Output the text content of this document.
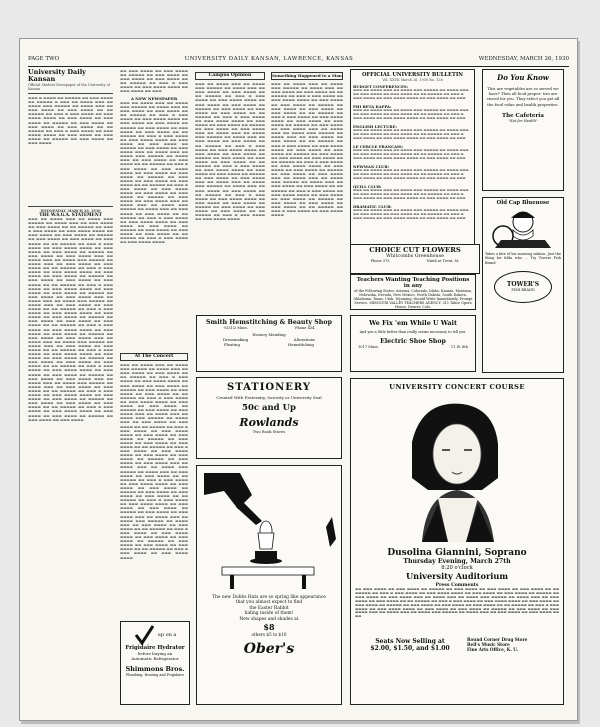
PAGE TWO	UNIVERSITY DAILY KANSAN, LAWRENCE, KANSAS	WEDNESDAY, MARCH 26, 1930
University Daily Kansan
Official Student Newspaper of the University of Kansas
▬▬▬ ▬ ▬▬▬▬ ▬▬ ▬▬▬▬▬ ▬▬ ▬▬▬ ▬▬▬▬ ▬▬ ▬▬▬▬▬ ▬ ▬▬▬ ▬▬ ▬▬▬▬ ▬▬▬ ▬▬ ▬▬▬▬ ▬▬▬ ▬▬▬▬▬ ▬▬ ▬▬▬▬ ▬▬▬ ▬▬ ▬▬▬ ▬▬▬▬ ▬▬ ▬▬▬ ▬▬▬▬ ▬▬ ▬▬ ▬▬▬▬▬ ▬▬ ▬▬▬ ▬ ▬▬▬ ▬▬▬▬ ▬▬ ▬▬▬ ▬▬▬▬ ▬▬▬▬ ▬▬ ▬▬▬ ▬▬▬▬ ▬▬ ▬▬▬ ▬▬▬▬ ▬▬ ▬▬▬▬▬ ▬▬ ▬▬▬ ▬▬▬▬ ▬▬ ▬▬▬ ▬▬▬▬ ▬▬ ▬▬▬ ▬▬▬▬ ▬▬ ▬▬ ▬▬▬▬▬ ▬▬ ▬▬▬ ▬ ▬▬▬ ▬▬▬▬ ▬▬ ▬▬▬ ▬▬▬▬ ▬▬▬▬ ▬▬ ▬▬▬ ▬▬▬▬ ▬▬ ▬▬▬ ▬▬▬▬ ▬▬ ▬▬▬▬▬ ▬▬ ▬▬▬ ▬▬▬▬ ▬▬ ▬▬▬ ▬▬▬▬
WEDNESDAY, MARCH 26, 1930
THE W.S.G.A. STATEMENT
▬▬▬ ▬▬ ▬▬▬▬ ▬▬▬ ▬▬ ▬▬▬▬ ▬▬▬ ▬▬▬▬▬ ▬▬ ▬▬▬▬ ▬▬▬ ▬▬ ▬▬▬ ▬▬▬▬ ▬▬ ▬▬▬ ▬▬▬▬ ▬▬ ▬▬ ▬▬▬▬▬ ▬▬ ▬▬▬ ▬ ▬▬▬ ▬▬▬▬ ▬▬ ▬▬▬ ▬▬▬▬ ▬▬▬▬ ▬▬ ▬▬▬ ▬▬▬▬ ▬▬ ▬▬▬ ▬▬▬▬ ▬▬ ▬▬▬▬▬ ▬▬ ▬▬▬ ▬▬▬▬ ▬▬ ▬▬▬ ▬▬▬▬ ▬▬ ▬▬▬ ▬▬▬▬ ▬▬ ▬▬ ▬▬▬▬▬ ▬▬ ▬▬▬ ▬ ▬▬▬ ▬▬▬▬ ▬▬ ▬▬▬ ▬▬▬▬ ▬▬▬▬ ▬▬ ▬▬▬ ▬▬▬▬ ▬▬ ▬▬▬ ▬▬▬▬ ▬▬ ▬▬▬▬▬ ▬▬ ▬▬▬ ▬▬▬▬ ▬▬ ▬▬▬ ▬▬▬▬ ▬▬▬ ▬▬ ▬▬▬▬ ▬▬▬ ▬▬ ▬▬▬▬ ▬▬▬ ▬▬▬▬▬ ▬▬ ▬▬▬▬ ▬▬▬ ▬▬ ▬▬▬ ▬▬▬▬ ▬▬ ▬▬▬ ▬▬▬▬ ▬▬ ▬▬ ▬▬▬▬▬ ▬▬ ▬▬▬ ▬ ▬▬▬ ▬▬▬▬ ▬▬ ▬▬▬ ▬▬▬▬ ▬▬▬▬ ▬▬ ▬▬▬ ▬▬▬▬ ▬▬ ▬▬▬ ▬▬▬▬ ▬▬ ▬▬▬▬▬ ▬▬ ▬▬▬ ▬▬▬▬ ▬▬ ▬▬▬ ▬▬▬▬ ▬▬ ▬▬▬ ▬▬▬▬ ▬▬ ▬▬ ▬▬▬▬▬ ▬▬ ▬▬▬ ▬ ▬▬▬ ▬▬▬▬ ▬▬ ▬▬▬ ▬▬▬▬ ▬▬▬▬ ▬▬ ▬▬▬ ▬▬▬▬ ▬▬ ▬▬▬ ▬▬▬▬ ▬▬ ▬▬▬▬▬ ▬▬ ▬▬▬ ▬▬▬▬ ▬▬ ▬▬▬ ▬▬▬▬ ▬▬▬ ▬▬ ▬▬▬▬ ▬▬▬ ▬▬ ▬▬▬▬ ▬▬▬ ▬▬▬▬▬ ▬▬ ▬▬▬▬ ▬▬▬ ▬▬ ▬▬▬ ▬▬▬▬ ▬▬ ▬▬▬ ▬▬▬▬ ▬▬ ▬▬ ▬▬▬▬▬ ▬▬ ▬▬▬ ▬ ▬▬▬ ▬▬▬▬ ▬▬ ▬▬▬ ▬▬▬▬ ▬▬▬▬ ▬▬ ▬▬▬ ▬▬▬▬ ▬▬ ▬▬▬ ▬▬▬▬ ▬▬ ▬▬▬▬▬ ▬▬ ▬▬▬ ▬▬▬▬ ▬▬ ▬▬▬ ▬▬▬▬ ▬▬ ▬▬▬ ▬▬▬▬ ▬▬ ▬▬ ▬▬▬▬▬ ▬▬ ▬▬▬ ▬ ▬▬▬ ▬▬▬▬ ▬▬ ▬▬▬ ▬▬▬▬ ▬▬▬▬ ▬▬ ▬▬▬ ▬▬▬▬ ▬▬ ▬▬▬ ▬▬▬▬ ▬▬ ▬▬▬▬▬ ▬▬ ▬▬▬ ▬▬▬▬ ▬▬ ▬▬▬ ▬▬▬▬ ▬▬▬ ▬▬ ▬▬▬▬ ▬▬▬ ▬▬ ▬▬▬▬ ▬▬▬ ▬▬▬▬▬ ▬▬ ▬▬▬▬ ▬▬▬ ▬▬ ▬▬▬ ▬▬▬▬ ▬▬ ▬▬▬ ▬▬▬▬ ▬▬ ▬▬ ▬▬▬▬▬ ▬▬ ▬▬▬ ▬ ▬▬▬ ▬▬▬▬ ▬▬ ▬▬▬ ▬▬▬▬ ▬▬▬▬ ▬▬ ▬▬▬ ▬▬▬▬ ▬▬ ▬▬▬ ▬▬▬▬ ▬▬ ▬▬▬▬▬ ▬▬ ▬▬▬ ▬▬▬▬ ▬▬ ▬▬▬ ▬▬▬▬ ▬▬ ▬▬▬ ▬▬▬▬ ▬▬ ▬▬ ▬▬▬▬▬ ▬▬ ▬▬▬ ▬ ▬▬▬ ▬▬▬▬ ▬▬ ▬▬▬ ▬▬▬▬ ▬▬▬▬ ▬▬ ▬▬▬ ▬▬▬▬ ▬▬ ▬▬▬ ▬▬▬▬ ▬▬ ▬▬▬▬▬ ▬▬ ▬▬▬ ▬▬▬▬ ▬▬ ▬▬▬ ▬▬▬▬ ▬▬▬ ▬▬ ▬▬▬▬ ▬▬▬ ▬▬ ▬▬▬▬ ▬▬▬ ▬▬▬▬▬ ▬▬ ▬▬▬▬ ▬▬▬ ▬▬ ▬▬▬ ▬▬▬▬ ▬▬ ▬▬▬ ▬▬▬▬ ▬▬ ▬▬ ▬▬▬▬▬ ▬▬ ▬▬▬ ▬ ▬▬▬ ▬▬▬▬ ▬▬ ▬▬▬ ▬▬▬▬ ▬▬▬▬ ▬▬ ▬▬▬ ▬▬▬▬ ▬▬ ▬▬▬ ▬▬▬▬ ▬▬ ▬▬▬▬▬ ▬▬ ▬▬▬ ▬▬▬▬ ▬▬ ▬▬▬ ▬▬▬▬ ▬▬ ▬▬▬ ▬▬▬▬ ▬▬ ▬▬ ▬▬▬▬▬ ▬▬ ▬▬▬ ▬ ▬▬▬ ▬▬▬▬ ▬▬ ▬▬▬ ▬▬▬▬ ▬▬▬▬ ▬▬ ▬▬▬ ▬▬▬▬ ▬▬ ▬▬▬ ▬▬▬▬ ▬▬ ▬▬▬▬▬ ▬▬ ▬▬▬ ▬▬▬▬ ▬▬ ▬▬▬ ▬▬▬▬
▬▬ ▬▬▬ ▬▬▬▬ ▬▬ ▬▬▬ ▬▬▬▬ ▬▬ ▬▬▬▬▬ ▬▬ ▬▬▬ ▬▬▬▬ ▬▬ ▬▬▬ ▬▬▬▬ ▬▬ ▬▬▬ ▬▬▬▬ ▬▬ ▬▬ ▬▬▬▬▬ ▬▬ ▬▬▬ ▬ ▬▬▬ ▬▬▬▬ ▬▬ ▬▬▬ ▬▬▬▬ ▬▬▬▬ ▬▬ ▬▬▬ ▬▬▬▬ ▬▬ ▬▬▬
A NEW NEWSPAPER
▬▬▬ ▬▬ ▬▬▬▬ ▬▬▬ ▬▬ ▬▬▬▬ ▬▬▬ ▬▬▬▬▬ ▬▬ ▬▬▬▬ ▬▬▬ ▬▬ ▬▬▬ ▬▬▬▬ ▬▬ ▬▬▬ ▬▬▬▬ ▬▬ ▬▬ ▬▬▬▬▬ ▬▬ ▬▬▬ ▬ ▬▬▬ ▬▬▬▬ ▬▬ ▬▬▬ ▬▬▬▬ ▬▬▬▬ ▬▬ ▬▬▬ ▬▬▬▬ ▬▬ ▬▬▬ ▬▬▬▬ ▬▬ ▬▬▬▬▬ ▬▬ ▬▬▬ ▬▬▬▬ ▬▬ ▬▬▬ ▬▬▬▬ ▬▬ ▬▬▬ ▬▬▬▬ ▬▬ ▬▬ ▬▬▬▬▬ ▬▬ ▬▬▬ ▬ ▬▬▬ ▬▬▬▬ ▬▬ ▬▬▬ ▬▬▬▬ ▬▬▬▬ ▬▬ ▬▬▬ ▬▬▬▬ ▬▬ ▬▬▬ ▬▬▬▬ ▬▬ ▬▬▬▬▬ ▬▬ ▬▬▬ ▬▬▬▬ ▬▬ ▬▬▬ ▬▬▬▬ ▬▬▬ ▬▬ ▬▬▬▬ ▬▬▬ ▬▬ ▬▬▬▬ ▬▬▬ ▬▬▬▬▬ ▬▬ ▬▬▬▬ ▬▬▬ ▬▬ ▬▬▬ ▬▬▬▬ ▬▬ ▬▬▬ ▬▬▬▬ ▬▬ ▬▬ ▬▬▬▬▬ ▬▬ ▬▬▬ ▬ ▬▬▬ ▬▬▬▬ ▬▬ ▬▬▬ ▬▬▬▬ ▬▬▬▬ ▬▬ ▬▬▬ ▬▬▬▬ ▬▬ ▬▬▬ ▬▬▬▬ ▬▬ ▬▬▬▬▬ ▬▬ ▬▬▬ ▬▬▬▬ ▬▬ ▬▬▬ ▬▬▬▬ ▬▬ ▬▬▬ ▬▬▬▬ ▬▬ ▬▬ ▬▬▬▬▬ ▬▬ ▬▬▬ ▬ ▬▬▬ ▬▬▬▬ ▬▬ ▬▬▬ ▬▬▬▬ ▬▬▬▬ ▬▬ ▬▬▬ ▬▬▬▬ ▬▬ ▬▬▬ ▬▬▬▬ ▬▬ ▬▬▬▬▬ ▬▬ ▬▬▬ ▬▬▬▬ ▬▬ ▬▬▬ ▬▬▬▬ ▬▬▬ ▬▬ ▬▬▬▬ ▬▬▬ ▬▬ ▬▬▬▬ ▬▬▬ ▬▬▬▬▬ ▬▬ ▬▬▬▬ ▬▬▬ ▬▬ ▬▬▬ ▬▬▬▬ ▬▬ ▬▬▬ ▬▬▬▬ ▬▬ ▬▬ ▬▬▬▬▬ ▬▬ ▬▬▬ ▬ ▬▬▬ ▬▬▬▬ ▬▬ ▬▬▬ ▬▬▬▬ ▬▬▬▬ ▬▬ ▬▬▬ ▬▬▬▬ ▬▬ ▬▬▬ ▬▬▬▬ ▬▬ ▬▬▬▬▬ ▬▬ ▬▬▬ ▬▬▬▬ ▬▬ ▬▬▬ ▬▬▬▬ ▬▬ ▬▬▬ ▬▬▬▬ ▬▬ ▬▬ ▬▬▬▬▬ ▬▬ ▬▬▬ ▬ ▬▬▬ ▬▬▬▬ ▬▬ ▬▬▬ ▬▬▬▬ ▬▬▬▬
Campus Opinion
▬▬▬ ▬▬ ▬▬▬▬ ▬▬▬ ▬▬ ▬▬▬▬ ▬▬▬ ▬▬▬▬▬ ▬▬ ▬▬▬▬ ▬▬▬ ▬▬ ▬▬▬ ▬▬▬▬ ▬▬ ▬▬▬ ▬▬▬▬ ▬▬ ▬▬ ▬▬▬▬▬ ▬▬ ▬▬▬ ▬ ▬▬▬ ▬▬▬▬ ▬▬ ▬▬▬ ▬▬▬▬ ▬▬▬▬ ▬▬ ▬▬▬ ▬▬▬▬ ▬▬ ▬▬▬ ▬▬▬▬ ▬▬ ▬▬▬▬▬ ▬▬ ▬▬▬ ▬▬▬▬ ▬▬ ▬▬▬ ▬▬▬▬ ▬▬ ▬▬▬ ▬▬▬▬ ▬▬ ▬▬ ▬▬▬▬▬ ▬▬ ▬▬▬ ▬ ▬▬▬ ▬▬▬▬ ▬▬ ▬▬▬ ▬▬▬▬ ▬▬▬▬ ▬▬ ▬▬▬ ▬▬▬▬ ▬▬ ▬▬▬ ▬▬▬▬ ▬▬ ▬▬▬▬▬ ▬▬ ▬▬▬ ▬▬▬▬ ▬▬ ▬▬▬ ▬▬▬▬ ▬▬▬ ▬▬ ▬▬▬▬ ▬▬▬ ▬▬ ▬▬▬▬ ▬▬▬ ▬▬▬▬▬ ▬▬ ▬▬▬▬ ▬▬▬ ▬▬ ▬▬▬ ▬▬▬▬ ▬▬ ▬▬▬ ▬▬▬▬ ▬▬ ▬▬ ▬▬▬▬▬ ▬▬ ▬▬▬ ▬ ▬▬▬ ▬▬▬▬ ▬▬ ▬▬▬ ▬▬▬▬ ▬▬▬▬ ▬▬ ▬▬▬ ▬▬▬▬ ▬▬ ▬▬▬ ▬▬▬▬ ▬▬ ▬▬▬▬▬ ▬▬ ▬▬▬ ▬▬▬▬ ▬▬ ▬▬▬ ▬▬▬▬ ▬▬ ▬▬▬ ▬▬▬▬ ▬▬ ▬▬ ▬▬▬▬▬ ▬▬ ▬▬▬ ▬ ▬▬▬ ▬▬▬▬ ▬▬ ▬▬▬ ▬▬▬▬ ▬▬▬▬ ▬▬ ▬▬▬ ▬▬▬▬ ▬▬ ▬▬▬ ▬▬▬▬ ▬▬ ▬▬▬▬▬ ▬▬ ▬▬▬ ▬▬▬▬ ▬▬ ▬▬▬ ▬▬▬▬ ▬▬▬ ▬▬ ▬▬▬▬ ▬▬▬ ▬▬ ▬▬▬▬ ▬▬▬ ▬▬▬▬▬ ▬▬ ▬▬▬▬ ▬▬▬ ▬▬ ▬▬▬ ▬▬▬▬ ▬▬ ▬▬▬ ▬▬▬▬ ▬▬ ▬▬ ▬▬▬▬▬ ▬▬ ▬▬▬ ▬ ▬▬▬ ▬▬▬▬ ▬▬ ▬▬▬ ▬▬▬▬ ▬▬▬▬ ▬▬ ▬▬▬ ▬▬▬▬ ▬▬ ▬▬▬ ▬▬▬▬ ▬▬ ▬▬▬▬▬ ▬▬ ▬▬▬ ▬▬▬▬ ▬▬ ▬▬▬ ▬▬▬▬ ▬▬ ▬▬▬ ▬▬▬▬ ▬▬ ▬▬ ▬▬▬▬▬ ▬▬ ▬▬▬ ▬ ▬▬▬ ▬▬▬▬ ▬▬ ▬▬▬ ▬▬▬▬ ▬▬▬▬
Something Happened to a Man
▬▬▬ ▬▬ ▬▬▬▬ ▬▬▬ ▬▬ ▬▬▬▬ ▬▬▬ ▬▬▬▬▬ ▬▬ ▬▬▬▬ ▬▬▬ ▬▬ ▬▬▬ ▬▬▬▬ ▬▬ ▬▬▬ ▬▬▬▬ ▬▬ ▬▬ ▬▬▬▬▬ ▬▬ ▬▬▬ ▬ ▬▬▬ ▬▬▬▬ ▬▬ ▬▬▬ ▬▬▬▬ ▬▬▬▬ ▬▬ ▬▬▬ ▬▬▬▬ ▬▬ ▬▬▬ ▬▬▬▬ ▬▬ ▬▬▬▬▬ ▬▬ ▬▬▬ ▬▬▬▬ ▬▬ ▬▬▬ ▬▬▬▬ ▬▬ ▬▬▬ ▬▬▬▬ ▬▬ ▬▬ ▬▬▬▬▬ ▬▬ ▬▬▬ ▬ ▬▬▬ ▬▬▬▬ ▬▬ ▬▬▬ ▬▬▬▬ ▬▬▬▬ ▬▬ ▬▬▬ ▬▬▬▬ ▬▬ ▬▬▬ ▬▬▬▬ ▬▬ ▬▬▬▬▬ ▬▬ ▬▬▬ ▬▬▬▬ ▬▬ ▬▬▬ ▬▬▬▬ ▬▬▬ ▬▬ ▬▬▬▬ ▬▬▬ ▬▬ ▬▬▬▬ ▬▬▬ ▬▬▬▬▬ ▬▬ ▬▬▬▬ ▬▬▬ ▬▬ ▬▬▬ ▬▬▬▬ ▬▬ ▬▬▬ ▬▬▬▬ ▬▬ ▬▬ ▬▬▬▬▬ ▬▬ ▬▬▬ ▬ ▬▬▬ ▬▬▬▬ ▬▬ ▬▬▬ ▬▬▬▬ ▬▬▬▬ ▬▬ ▬▬▬ ▬▬▬▬ ▬▬ ▬▬▬ ▬▬▬▬ ▬▬ ▬▬▬▬▬ ▬▬ ▬▬▬ ▬▬▬▬ ▬▬ ▬▬▬ ▬▬▬▬ ▬▬ ▬▬▬ ▬▬▬▬ ▬▬ ▬▬ ▬▬▬▬▬ ▬▬ ▬▬▬ ▬ ▬▬▬ ▬▬▬▬ ▬▬ ▬▬▬ ▬▬▬▬ ▬▬▬▬ ▬▬ ▬▬▬ ▬▬▬▬ ▬▬ ▬▬▬ ▬▬▬▬ ▬▬ ▬▬▬▬▬ ▬▬ ▬▬▬ ▬▬▬▬ ▬▬ ▬▬▬ ▬▬▬▬ ▬▬▬ ▬▬ ▬▬▬▬ ▬▬▬ ▬▬ ▬▬▬▬ ▬▬▬ ▬▬▬▬▬ ▬▬ ▬▬▬▬ ▬▬▬ ▬▬ ▬▬▬ ▬▬▬▬ ▬▬ ▬▬▬ ▬▬▬▬ ▬▬ ▬▬ ▬▬▬▬▬ ▬▬ ▬▬▬ ▬ ▬▬▬ ▬▬▬▬ ▬▬ ▬▬▬ ▬▬▬▬ ▬▬▬▬ ▬▬ ▬▬▬ ▬▬▬▬ ▬▬ ▬▬▬ ▬▬▬▬ ▬▬ ▬▬▬▬▬ ▬▬ ▬▬▬ ▬▬▬▬ ▬▬ ▬▬▬ ▬▬▬▬ ▬▬ ▬▬▬ ▬▬▬▬ ▬▬ ▬▬ ▬▬▬▬▬ ▬▬ ▬▬▬ ▬ ▬▬▬ ▬▬▬▬ ▬▬ ▬▬▬ ▬▬▬▬ ▬▬▬▬
OFFICIAL UNIVERSITY BULLETIN
Vol. XXVII March 26, 1930 No. 128
BUDGET CONFERENCES:
▬▬▬ ▬▬ ▬▬▬▬ ▬▬▬ ▬▬ ▬▬▬▬ ▬▬▬ ▬▬▬▬▬ ▬▬ ▬▬▬▬ ▬▬▬ ▬▬ ▬▬▬ ▬▬▬▬ ▬▬ ▬▬▬ ▬▬▬▬ ▬▬ ▬▬ ▬▬▬▬▬ ▬▬ ▬▬▬ ▬ ▬▬▬ ▬▬▬▬ ▬▬ ▬▬▬ ▬▬▬▬ ▬▬▬▬ ▬▬ ▬▬▬ ▬▬▬▬ ▬▬ ▬▬▬
PHI BETA KAPPA:
▬▬▬ ▬▬ ▬▬▬▬ ▬▬▬ ▬▬ ▬▬▬▬ ▬▬▬ ▬▬▬▬▬ ▬▬ ▬▬▬▬ ▬▬▬ ▬▬ ▬▬▬ ▬▬▬▬ ▬▬ ▬▬▬ ▬▬▬▬ ▬▬ ▬▬ ▬▬▬▬▬ ▬▬ ▬▬▬ ▬ ▬▬▬ ▬▬▬▬ ▬▬ ▬▬▬ ▬▬▬▬ ▬▬▬▬ ▬▬ ▬▬▬ ▬▬▬▬ ▬▬ ▬▬▬
ENGLISH LECTURE:
▬▬▬ ▬▬ ▬▬▬▬ ▬▬▬ ▬▬ ▬▬▬▬ ▬▬▬ ▬▬▬▬▬ ▬▬ ▬▬▬▬ ▬▬▬ ▬▬ ▬▬▬ ▬▬▬▬ ▬▬ ▬▬▬ ▬▬▬▬ ▬▬ ▬▬ ▬▬▬▬▬ ▬▬ ▬▬▬ ▬ ▬▬▬ ▬▬▬▬ ▬▬ ▬▬▬ ▬▬▬▬ ▬▬▬▬ ▬▬ ▬▬▬ ▬▬▬▬ ▬▬ ▬▬▬
LE CERCLE FRANCAIS:
▬▬▬ ▬▬ ▬▬▬▬ ▬▬▬ ▬▬ ▬▬▬▬ ▬▬▬ ▬▬▬▬▬ ▬▬ ▬▬▬▬ ▬▬▬ ▬▬ ▬▬▬ ▬▬▬▬ ▬▬ ▬▬▬ ▬▬▬▬ ▬▬ ▬▬ ▬▬▬▬▬ ▬▬ ▬▬▬ ▬ ▬▬▬ ▬▬▬▬ ▬▬ ▬▬▬ ▬▬▬▬ ▬▬▬▬ ▬▬ ▬▬▬ ▬▬▬▬ ▬▬ ▬▬▬
NEWMAN CLUB:
▬▬▬ ▬▬ ▬▬▬▬ ▬▬▬ ▬▬ ▬▬▬▬ ▬▬▬ ▬▬▬▬▬ ▬▬ ▬▬▬▬ ▬▬▬ ▬▬ ▬▬▬ ▬▬▬▬ ▬▬ ▬▬▬ ▬▬▬▬ ▬▬ ▬▬ ▬▬▬▬▬ ▬▬ ▬▬▬ ▬ ▬▬▬ ▬▬▬▬ ▬▬ ▬▬▬ ▬▬▬▬ ▬▬▬▬ ▬▬ ▬▬▬ ▬▬▬▬ ▬▬ ▬▬▬
QUILL CLUB:
▬▬▬ ▬▬ ▬▬▬▬ ▬▬▬ ▬▬ ▬▬▬▬ ▬▬▬ ▬▬▬▬▬ ▬▬ ▬▬▬▬ ▬▬▬ ▬▬ ▬▬▬ ▬▬▬▬ ▬▬ ▬▬▬ ▬▬▬▬ ▬▬ ▬▬ ▬▬▬▬▬ ▬▬ ▬▬▬ ▬ ▬▬▬ ▬▬▬▬ ▬▬ ▬▬▬ ▬▬▬▬ ▬▬▬▬ ▬▬ ▬▬▬ ▬▬▬▬ ▬▬ ▬▬▬
DRAMATIC CLUB:
▬▬▬ ▬▬ ▬▬▬▬ ▬▬▬ ▬▬ ▬▬▬▬ ▬▬▬ ▬▬▬▬▬ ▬▬ ▬▬▬▬ ▬▬▬ ▬▬ ▬▬▬ ▬▬▬▬ ▬▬ ▬▬▬ ▬▬▬▬ ▬▬ ▬▬ ▬▬▬▬▬ ▬▬ ▬▬▬ ▬ ▬▬▬ ▬▬▬▬ ▬▬ ▬▬▬ ▬▬▬▬ ▬▬▬▬ ▬▬ ▬▬▬ ▬▬▬▬ ▬▬ ▬▬▬
Do You Know
This are vegetables are so served we have? Then all food proper- ties are stored for you. They select you get all the food value and health properties.
The Cafeteria
"Eat for Health"
Old Cap Bluenose
Takes a bite of his morning salmon. Just the thing for folks who ... Try Towers Fish Brand
TOWER'S
FISH BRAND
CHOICE CUT FLOWERS
Whitcombs Greenhouse
Phone 375	Ninth at Trent, St.
Teachers Wanting Teaching Positions in any
of the Following States: Arizona, Colorado, Idaho, Kansas, Montana, Nebraska, Nevada, New Mexico, North Dakota, South Dakota, Oklahoma, Texas, Utah, Wyoming, should Write Immediately. Prompt Service. MISSOURI VALLEY TEACHERS AGENCY, 311 Tabor Opera House, Denver, Colo.
Smith Hemstitching & Beauty Shop
9331/2 Mass.	Phone 434
Hosiery Mending
Dressmaking	Alterations
Pleating	Hemstitching
We Fix 'em While U Wait
And you a little better than really seems necessary to tell you.
Electric Shoe Shop
1017 Mass.	11 W. 8th
At The Concert
▬▬▬ ▬▬ ▬▬▬▬ ▬▬▬ ▬▬ ▬▬▬▬ ▬▬▬ ▬▬▬▬▬ ▬▬ ▬▬▬▬ ▬▬▬ ▬▬ ▬▬▬ ▬▬▬▬ ▬▬ ▬▬▬ ▬▬▬▬ ▬▬ ▬▬ ▬▬▬▬▬ ▬▬ ▬▬▬ ▬ ▬▬▬ ▬▬▬▬ ▬▬ ▬▬▬ ▬▬▬▬ ▬▬▬▬ ▬▬ ▬▬▬ ▬▬▬▬ ▬▬ ▬▬▬ ▬▬▬▬ ▬▬ ▬▬▬▬▬ ▬▬ ▬▬▬ ▬▬▬▬ ▬▬ ▬▬▬ ▬▬▬▬ ▬▬ ▬▬▬ ▬▬▬▬ ▬▬ ▬▬ ▬▬▬▬▬ ▬▬ ▬▬▬ ▬ ▬▬▬ ▬▬▬▬ ▬▬ ▬▬▬ ▬▬▬▬ ▬▬▬▬ ▬▬ ▬▬▬ ▬▬▬▬ ▬▬ ▬▬▬ ▬▬▬▬ ▬▬ ▬▬▬▬▬ ▬▬ ▬▬▬ ▬▬▬▬ ▬▬ ▬▬▬ ▬▬▬▬ ▬▬▬ ▬▬ ▬▬▬▬ ▬▬▬ ▬▬ ▬▬▬▬ ▬▬▬ ▬▬▬▬▬ ▬▬ ▬▬▬▬ ▬▬▬ ▬▬ ▬▬▬ ▬▬▬▬ ▬▬ ▬▬▬ ▬▬▬▬ ▬▬ ▬▬ ▬▬▬▬▬ ▬▬ ▬▬▬ ▬ ▬▬▬ ▬▬▬▬ ▬▬ ▬▬▬ ▬▬▬▬ ▬▬▬▬ ▬▬ ▬▬▬ ▬▬▬▬ ▬▬ ▬▬▬ ▬▬▬▬ ▬▬ ▬▬▬▬▬ ▬▬ ▬▬▬ ▬▬▬▬ ▬▬ ▬▬▬ ▬▬▬▬ ▬▬ ▬▬▬ ▬▬▬▬ ▬▬ ▬▬ ▬▬▬▬▬ ▬▬ ▬▬▬ ▬ ▬▬▬ ▬▬▬▬ ▬▬ ▬▬▬ ▬▬▬▬ ▬▬▬▬ ▬▬ ▬▬▬ ▬▬▬▬ ▬▬ ▬▬▬ ▬▬▬▬ ▬▬ ▬▬▬▬▬ ▬▬ ▬▬▬ ▬▬▬▬ ▬▬ ▬▬▬ ▬▬▬▬ ▬▬▬ ▬▬ ▬▬▬▬ ▬▬▬ ▬▬ ▬▬▬▬ ▬▬▬ ▬▬▬▬▬ ▬▬ ▬▬▬▬ ▬▬▬ ▬▬ ▬▬▬ ▬▬▬▬ ▬▬ ▬▬▬ ▬▬▬▬ ▬▬ ▬▬ ▬▬▬▬▬ ▬▬ ▬▬▬ ▬ ▬▬▬ ▬▬▬▬ ▬▬ ▬▬▬ ▬▬▬▬ ▬▬▬▬ ▬▬ ▬▬▬ ▬▬▬▬ ▬▬ ▬▬▬ ▬▬▬▬ ▬▬ ▬▬▬▬▬ ▬▬ ▬▬▬ ▬▬▬▬ ▬▬ ▬▬▬ ▬▬▬▬ ▬▬ ▬▬▬ ▬▬▬▬ ▬▬ ▬▬ ▬▬▬▬▬ ▬▬ ▬▬▬ ▬ ▬▬▬ ▬▬▬▬ ▬▬ ▬▬▬ ▬▬▬▬ ▬▬▬▬ ▬▬ ▬▬▬ ▬▬▬▬ ▬▬ ▬▬▬ ▬▬▬▬ ▬▬ ▬▬▬▬▬ ▬▬ ▬▬▬ ▬▬▬▬ ▬▬ ▬▬▬ ▬▬▬▬ ▬▬▬ ▬▬ ▬▬▬▬ ▬▬▬ ▬▬ ▬▬▬▬ ▬▬▬ ▬▬▬▬▬ ▬▬ ▬▬▬▬ ▬▬▬ ▬▬ ▬▬▬ ▬▬▬▬ ▬▬ ▬▬▬ ▬▬▬▬ ▬▬ ▬▬ ▬▬▬▬▬ ▬▬ ▬▬▬ ▬ ▬▬▬ ▬▬▬▬ ▬▬ ▬▬▬ ▬▬▬▬ ▬▬▬▬ ▬▬ ▬▬▬ ▬▬▬▬ ▬▬ ▬▬▬ ▬▬▬▬ ▬▬ ▬▬▬▬▬ ▬▬ ▬▬▬ ▬▬▬▬ ▬▬ ▬▬▬ ▬▬▬▬ ▬▬ ▬▬▬ ▬▬▬▬ ▬▬ ▬▬ ▬▬▬▬▬ ▬▬ ▬▬▬ ▬ ▬▬▬ ▬▬▬▬ ▬▬ ▬▬▬ ▬▬▬▬ ▬▬▬▬
STATIONERY
Created With Fraternity, Sorority or University Seal
50c and Up
Rowlands
Two Book Stores
The new Dobbs Hats are so spring like appearance
that you almost expect to find
the Easter Rabbit
hiding inside of them!
New shapes and shades at
$8
others $5 to $10
Ober's
UNIVERSITY CONCERT COURSE
Dusolina Giannini, Soprano
Thursday Evening, March 27th
8:20 o'clock
University Auditorium
Press Comments
▬▬ ▬▬▬ ▬▬▬▬ ▬▬ ▬▬▬ ▬▬▬▬ ▬▬ ▬▬▬▬▬ ▬▬ ▬▬▬ ▬▬▬▬ ▬▬ ▬▬▬ ▬▬▬▬ ▬▬ ▬▬▬ ▬▬▬▬ ▬▬ ▬▬ ▬▬▬▬▬ ▬▬ ▬▬▬ ▬ ▬▬▬ ▬▬▬▬ ▬▬ ▬▬▬ ▬▬▬▬ ▬▬▬▬ ▬▬ ▬▬▬ ▬▬▬▬ ▬▬ ▬▬▬ ▬▬▬▬ ▬▬ ▬▬▬▬▬ ▬▬ ▬▬▬ ▬▬▬▬ ▬▬ ▬▬▬ ▬▬▬▬ ▬▬▬ ▬▬ ▬▬▬▬ ▬▬▬ ▬▬ ▬▬▬▬ ▬▬▬ ▬▬▬▬▬ ▬▬ ▬▬▬▬ ▬▬▬ ▬▬ ▬▬▬ ▬▬▬▬ ▬▬ ▬▬▬ ▬▬▬▬ ▬▬ ▬▬ ▬▬▬▬▬ ▬▬ ▬▬▬ ▬ ▬▬▬ ▬▬▬▬ ▬▬ ▬▬▬ ▬▬▬▬ ▬▬▬▬ ▬▬ ▬▬▬ ▬▬▬▬ ▬▬ ▬▬▬ ▬▬▬▬ ▬▬ ▬▬▬▬▬ ▬▬ ▬▬▬ ▬▬▬▬ ▬▬ ▬▬▬ ▬▬▬▬ ▬▬ ▬▬▬ ▬▬▬▬ ▬▬ ▬▬ ▬▬▬▬▬ ▬▬ ▬▬▬ ▬ ▬▬▬ ▬▬▬▬ ▬▬ ▬▬▬ ▬▬▬▬ ▬▬▬▬ ▬▬ ▬▬▬ ▬▬▬▬ ▬▬ ▬▬▬ ▬▬▬▬ ▬▬ ▬▬▬▬▬ ▬▬ ▬▬▬ ▬▬▬▬ ▬▬ ▬▬▬ ▬▬▬▬ ▬▬▬ ▬▬ ▬▬▬▬ ▬▬▬ ▬▬ ▬▬▬▬ ▬▬▬ ▬▬▬▬▬ ▬▬ ▬▬▬▬ ▬▬▬ ▬▬ ▬▬▬ ▬▬▬▬ ▬▬ ▬▬▬ ▬▬▬▬ ▬▬ ▬▬
Seats Now Selling at
$2.00, $1.50, and $1.00
Round Corner Drug Store
Bell's Music Store
Fine Arts Office, K. U.
up on a
Frigidaire Hydrator
before buying an
Automatic Refrigerator
Shimmons Bros.
Plumbing, Heating and Frigidaire
